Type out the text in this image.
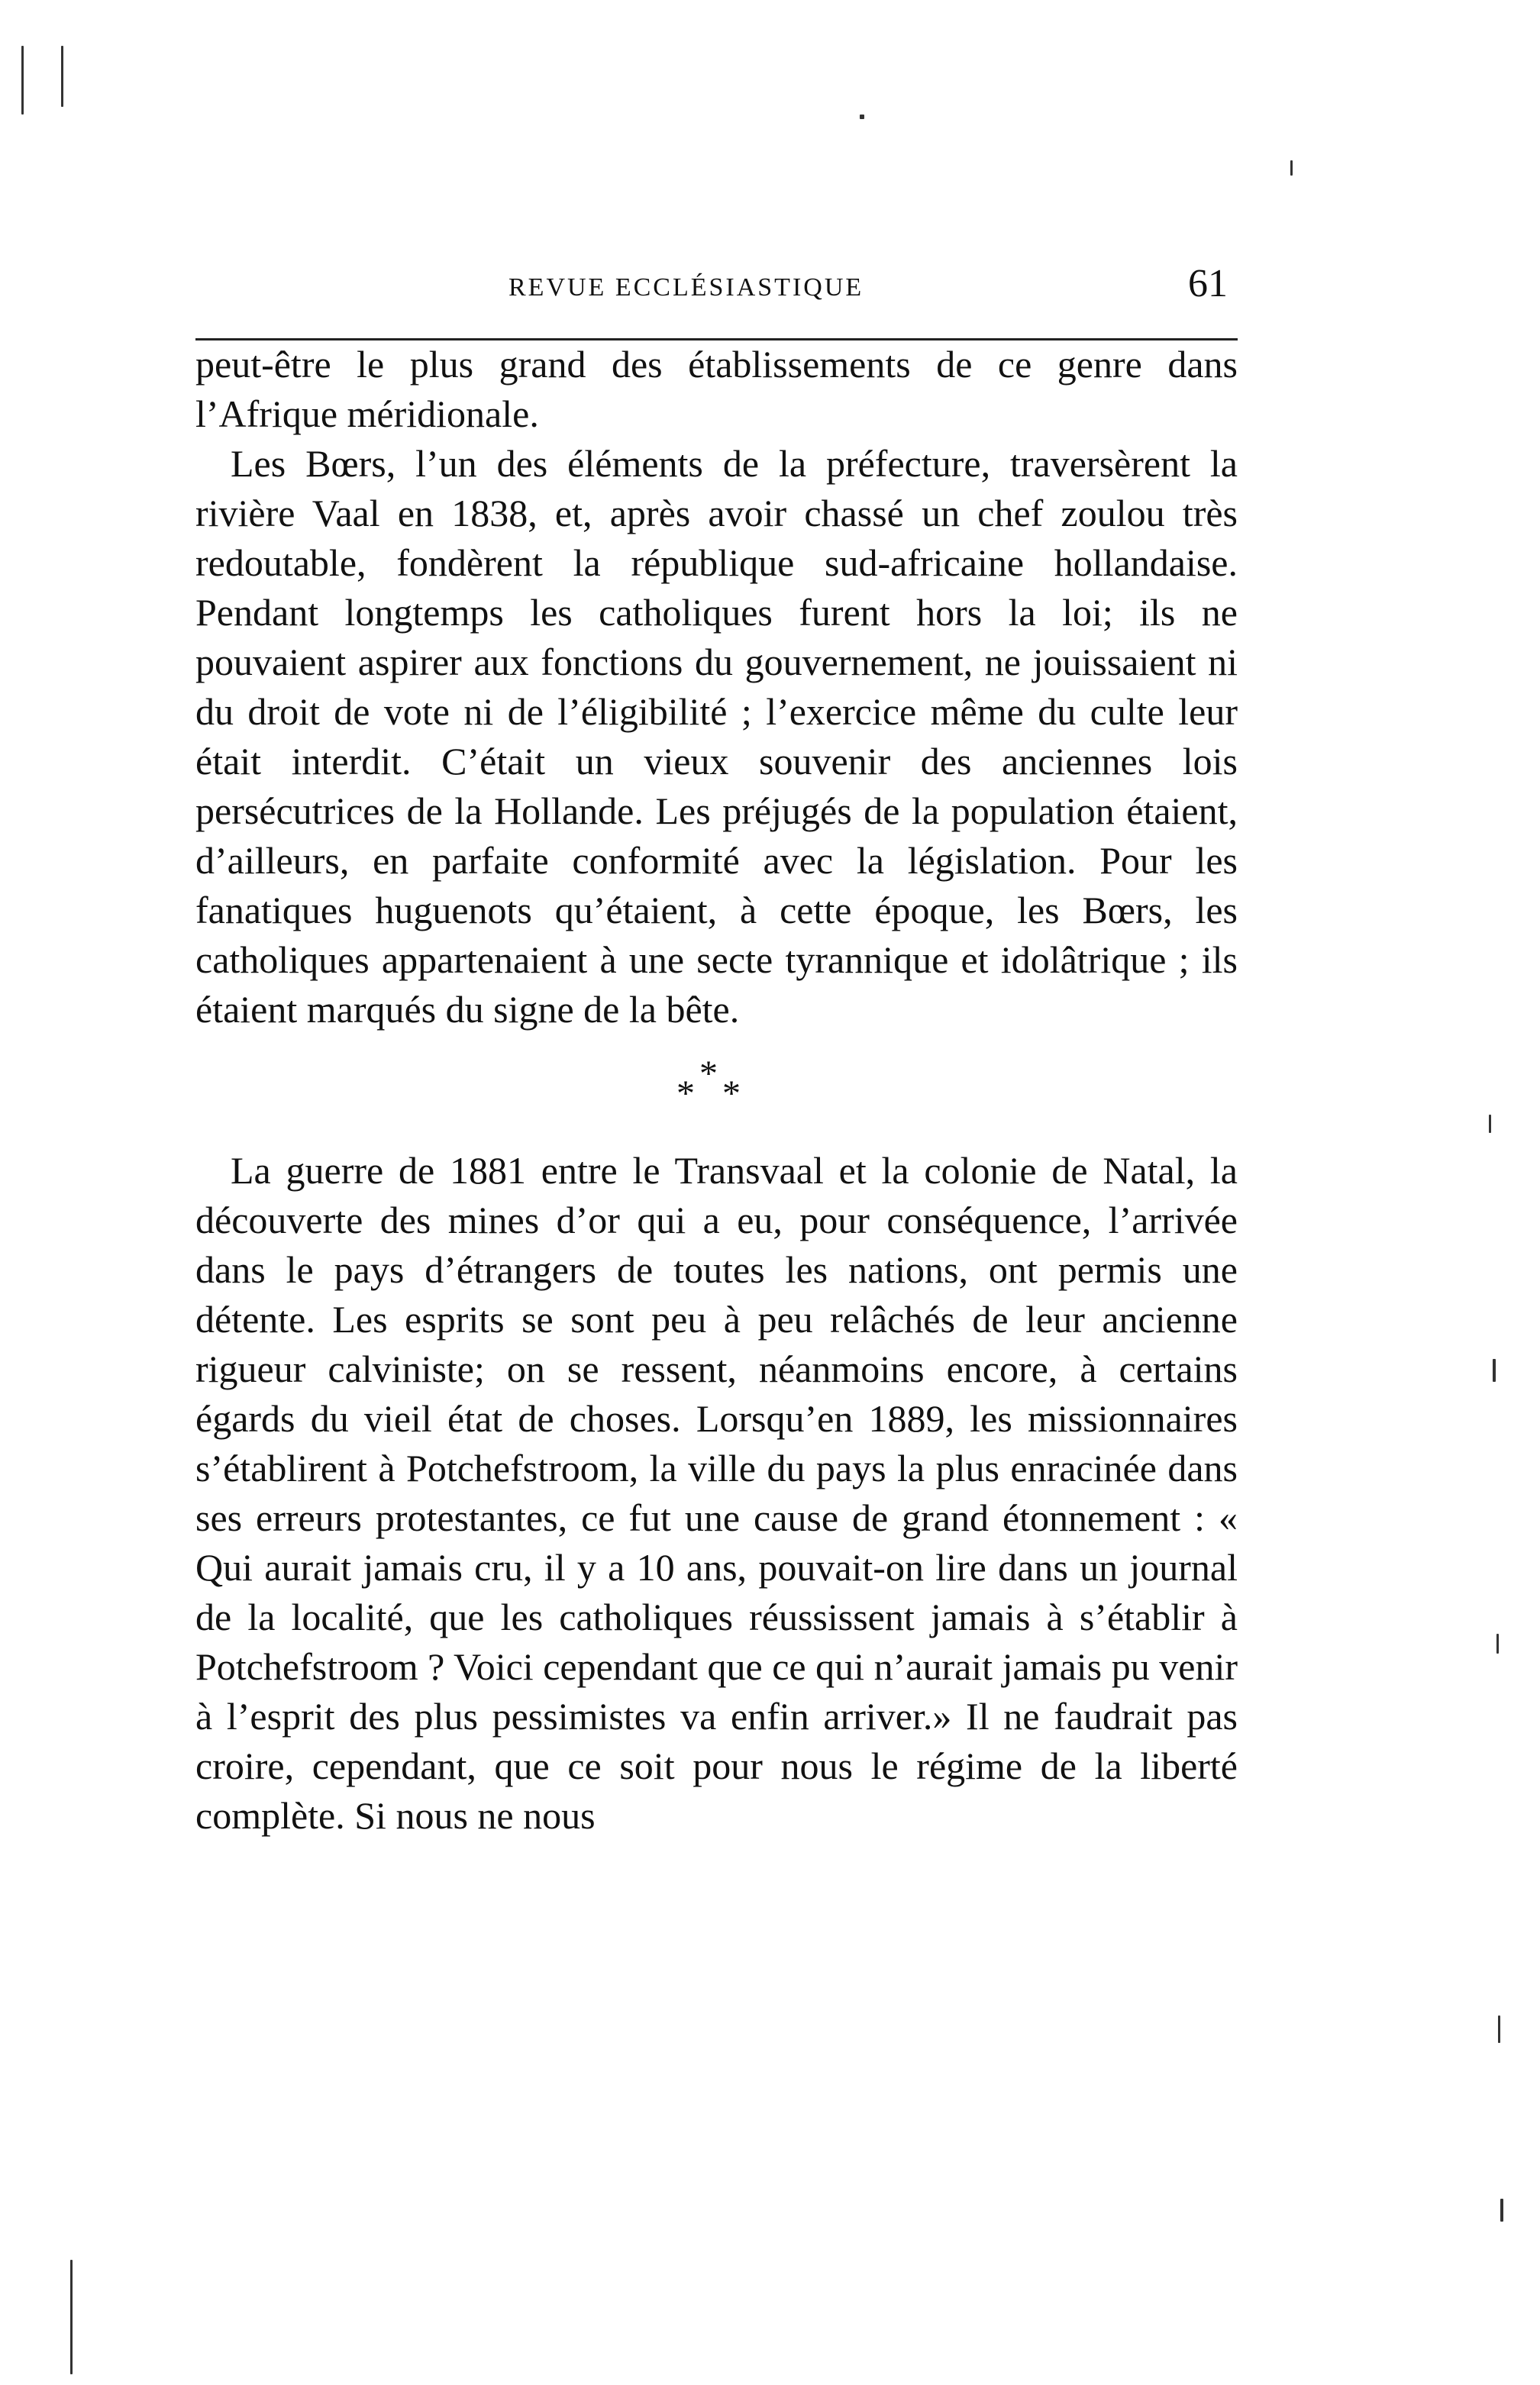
REVUE ECCLÉSIASTIQUE	61

peut-être le plus grand des établissements de ce genre dans l’Afrique méridionale.

Les Bœrs, l’un des éléments de la préfecture, traversèrent la rivière Vaal en 1838, et, après avoir chassé un chef zoulou très redoutable, fondèrent la république sud-africaine hollandaise. Pendant longtemps les catholiques furent hors la loi; ils ne pouvaient aspirer aux fonctions du gouvernement, ne jouissaient ni du droit de vote ni de l’éligibilité ; l’exercice même du culte leur était interdit. C’était un vieux souvenir des anciennes lois persécutrices de la Hollande. Les préjugés de la population étaient, d’ailleurs, en parfaite conformité avec la législation. Pour les fanatiques huguenots qu’étaient, à cette époque, les Bœrs, les catholiques appartenaient à une secte tyrannique et idolâtrique ; ils étaient marqués du signe de la bête.

*
* *

La guerre de 1881 entre le Transvaal et la colonie de Natal, la découverte des mines d’or qui a eu, pour conséquence, l’arrivée dans le pays d’étrangers de toutes les nations, ont permis une détente. Les esprits se sont peu à peu relâchés de leur ancienne rigueur calviniste; on se ressent, néanmoins encore, à certains égards du vieil état de choses. Lorsqu’en 1889, les missionnaires s’établirent à Potchefstroom, la ville du pays la plus enracinée dans ses erreurs protestantes, ce fut une cause de grand étonnement : « Qui aurait jamais cru, il y a 10 ans, pouvait-on lire dans un journal de la localité, que les catholiques réussissent jamais à s’établir à Potchefstroom ? Voici cependant que ce qui n’aurait jamais pu venir à l’esprit des plus pessimistes va enfin arriver.» Il ne faudrait pas croire, cependant, que ce soit pour nous le régime de la liberté complète. Si nous ne nous
